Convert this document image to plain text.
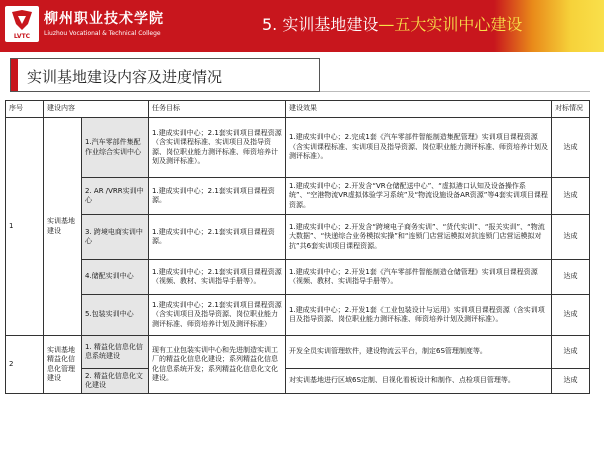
LVTC
柳州职业技术学院
Liuzhou Vocational & Technical College	5. 实训基地建设—五大实训中心建设
实训基地建设内容及进度情况
序号	建设内容		任务目标	建设效果	对标情况
1	实训基地建设	1.汽车零部件集配作业综合实训中心	1.建成实训中心；2.1套实训项目课程资源（含实训课程标准、实训项目及指导资源、岗位职业能力测评标准、师资培养计划及测评标准）。	1.建成实训中心；2.完成1套《汽车零部件智能制造集配管理》实训项目课程资源（含实训课程标准、实训项目及指导资源、岗位职业能力测评标准、师资培养计划及测评标准）。	达成
		2. AR /VRR实训中心	1.建成实训中心；2.1套实训项目课程资源。	1.建成实训中心；2.开发含“VR仓储配送中心”、“虚拟港口认知及设备操作系统”、“空港物流VR虚拟体验学习系统”及“物流设施设备AR资源”等4套实训项目课程资源。	达成
		3. 跨境电商实训中心	1.建成实训中心；2.1套实训项目课程资源。	1.建成实训中心；2.开发含“跨境电子商务实训”、“货代实训”、“报关实训”、“物流大数据”、“快递综合业务模拟实操”和“连锁门店营运模拟对抗连锁门店营运模拟对抗”共6套实训项目课程资源。	达成
		4.储配实训中心	1.建成实训中心；2.1套实训项目课程资源（视频、教材、实训指导手册等）。	1.建成实训中心；2.开发1套《汽车零部件智能制造仓储管理》实训项目课程资源（视频、教材、实训指导手册等）。	达成
		5.包装实训中心	1.建成实训中心；2.1套实训项目课程资源（含实训项目及指导资源、岗位职业能力测评标准、师资培养计划及测评标准）	1.建成实训中心；2.开发1套《工业包装设计与运用》实训项目课程资源（含实训项目及指导资源、岗位职业能力测评标准、师资培养计划及测评标准）。	达成
2	实训基地精益化信息化管理建设	1. 精益化信息化信息系统建设	现有工业包装实训中心和先进制造实训工厂的精益化信息化建设；系列精益化信息化信息系统开发；系列精益化信息化文化建设。	开发全员实训管理软件，建设物流云平台，制定6S管理制度等。	达成
		2. 精益化信息化文化建设		对实训基地进行区域6S定制、目视化看板设计和制作、点检项目管理等。	达成
